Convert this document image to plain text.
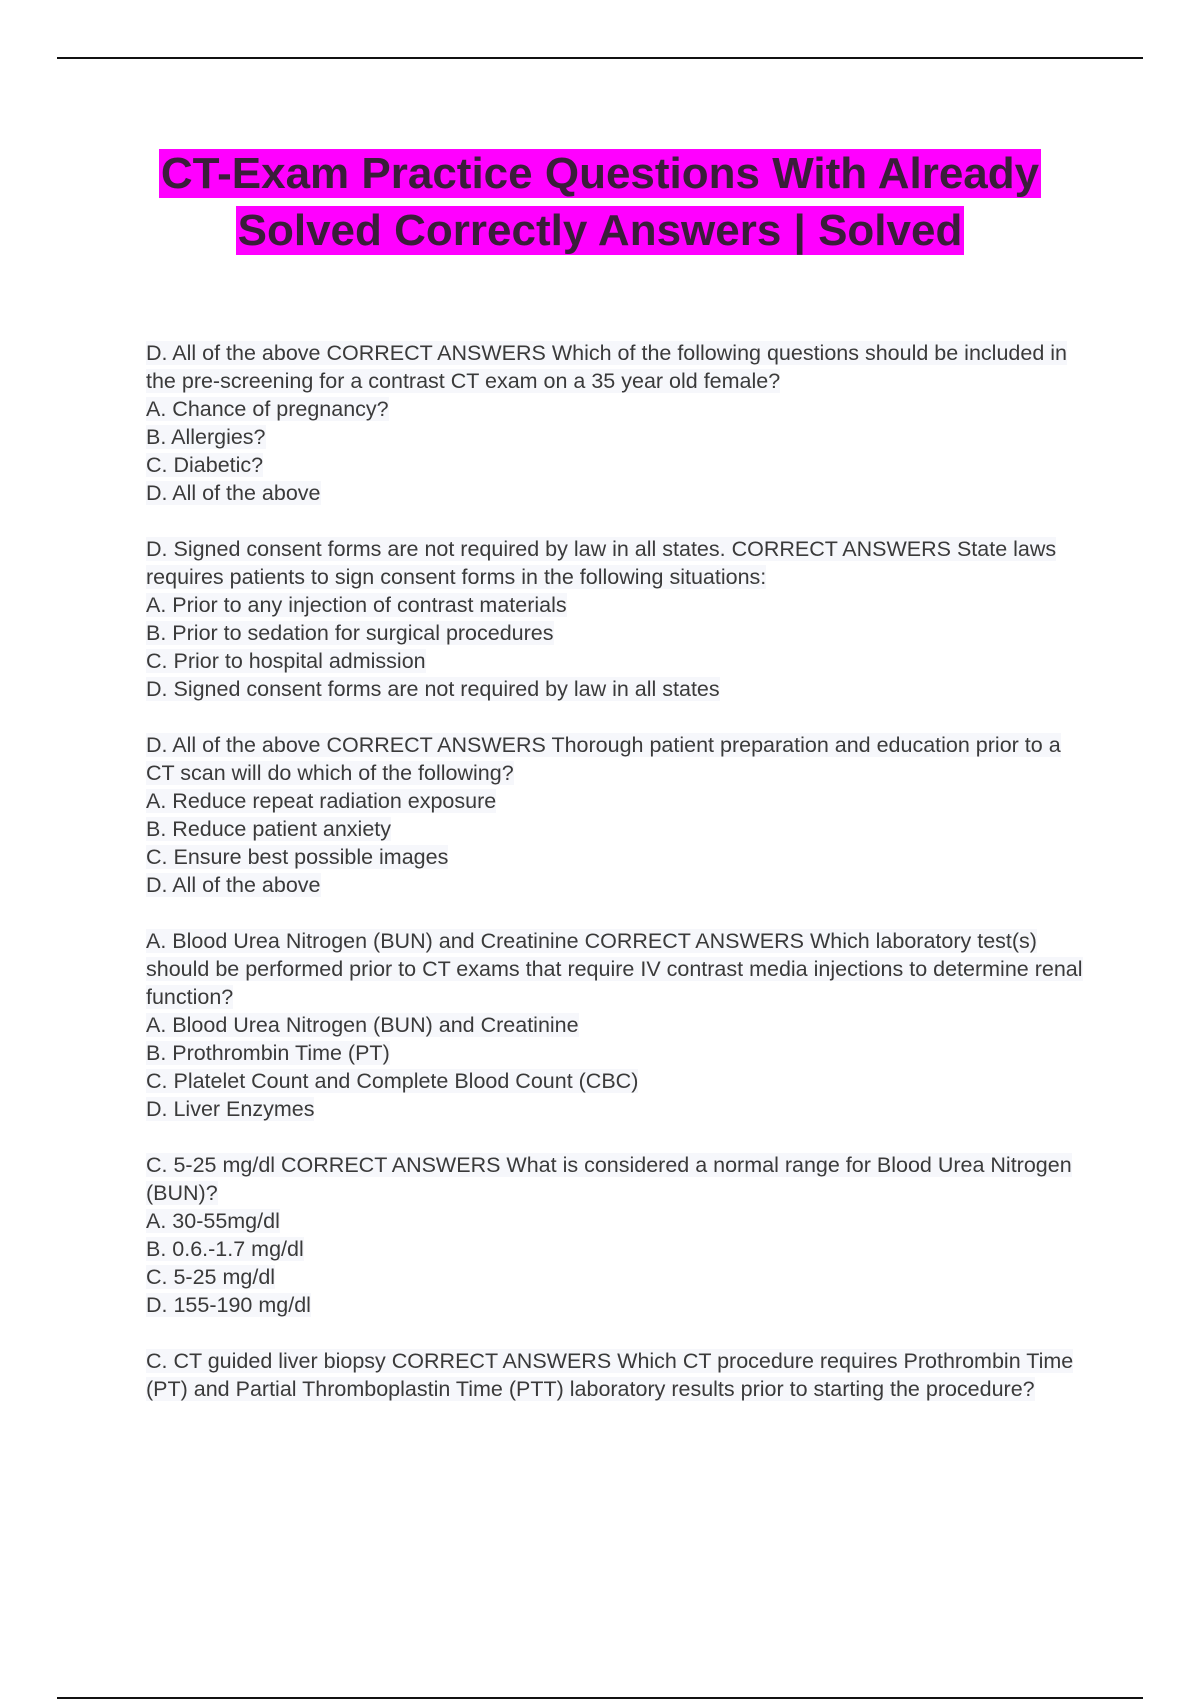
CT-Exam Practice Questions With Already Solved Correctly Answers | Solved
D. All of the above CORRECT ANSWERS Which of the following questions should be included in the pre-screening for a contrast CT exam on a 35 year old female?
A. Chance of pregnancy?
B. Allergies?
C. Diabetic?
D. All of the above
D. Signed consent forms are not required by law in all states. CORRECT ANSWERS State laws requires patients to sign consent forms in the following situations:
A. Prior to any injection of contrast materials
B. Prior to sedation for surgical procedures
C. Prior to hospital admission
D. Signed consent forms are not required by law in all states
D. All of the above CORRECT ANSWERS Thorough patient preparation and education prior to a CT scan will do which of the following?
A. Reduce repeat radiation exposure
B. Reduce patient anxiety
C. Ensure best possible images
D. All of the above
A. Blood Urea Nitrogen (BUN) and Creatinine CORRECT ANSWERS Which laboratory test(s) should be performed prior to CT exams that require IV contrast media injections to determine renal function?
A. Blood Urea Nitrogen (BUN) and Creatinine
B. Prothrombin Time (PT)
C. Platelet Count and Complete Blood Count (CBC)
D. Liver Enzymes
C. 5-25 mg/dl CORRECT ANSWERS What is considered a normal range for Blood Urea Nitrogen (BUN)?
A. 30-55mg/dl
B. 0.6.-1.7 mg/dl
C. 5-25 mg/dl
D. 155-190 mg/dl
C. CT guided liver biopsy CORRECT ANSWERS Which CT procedure requires Prothrombin Time (PT) and Partial Thromboplastin Time (PTT) laboratory results prior to starting the procedure?
